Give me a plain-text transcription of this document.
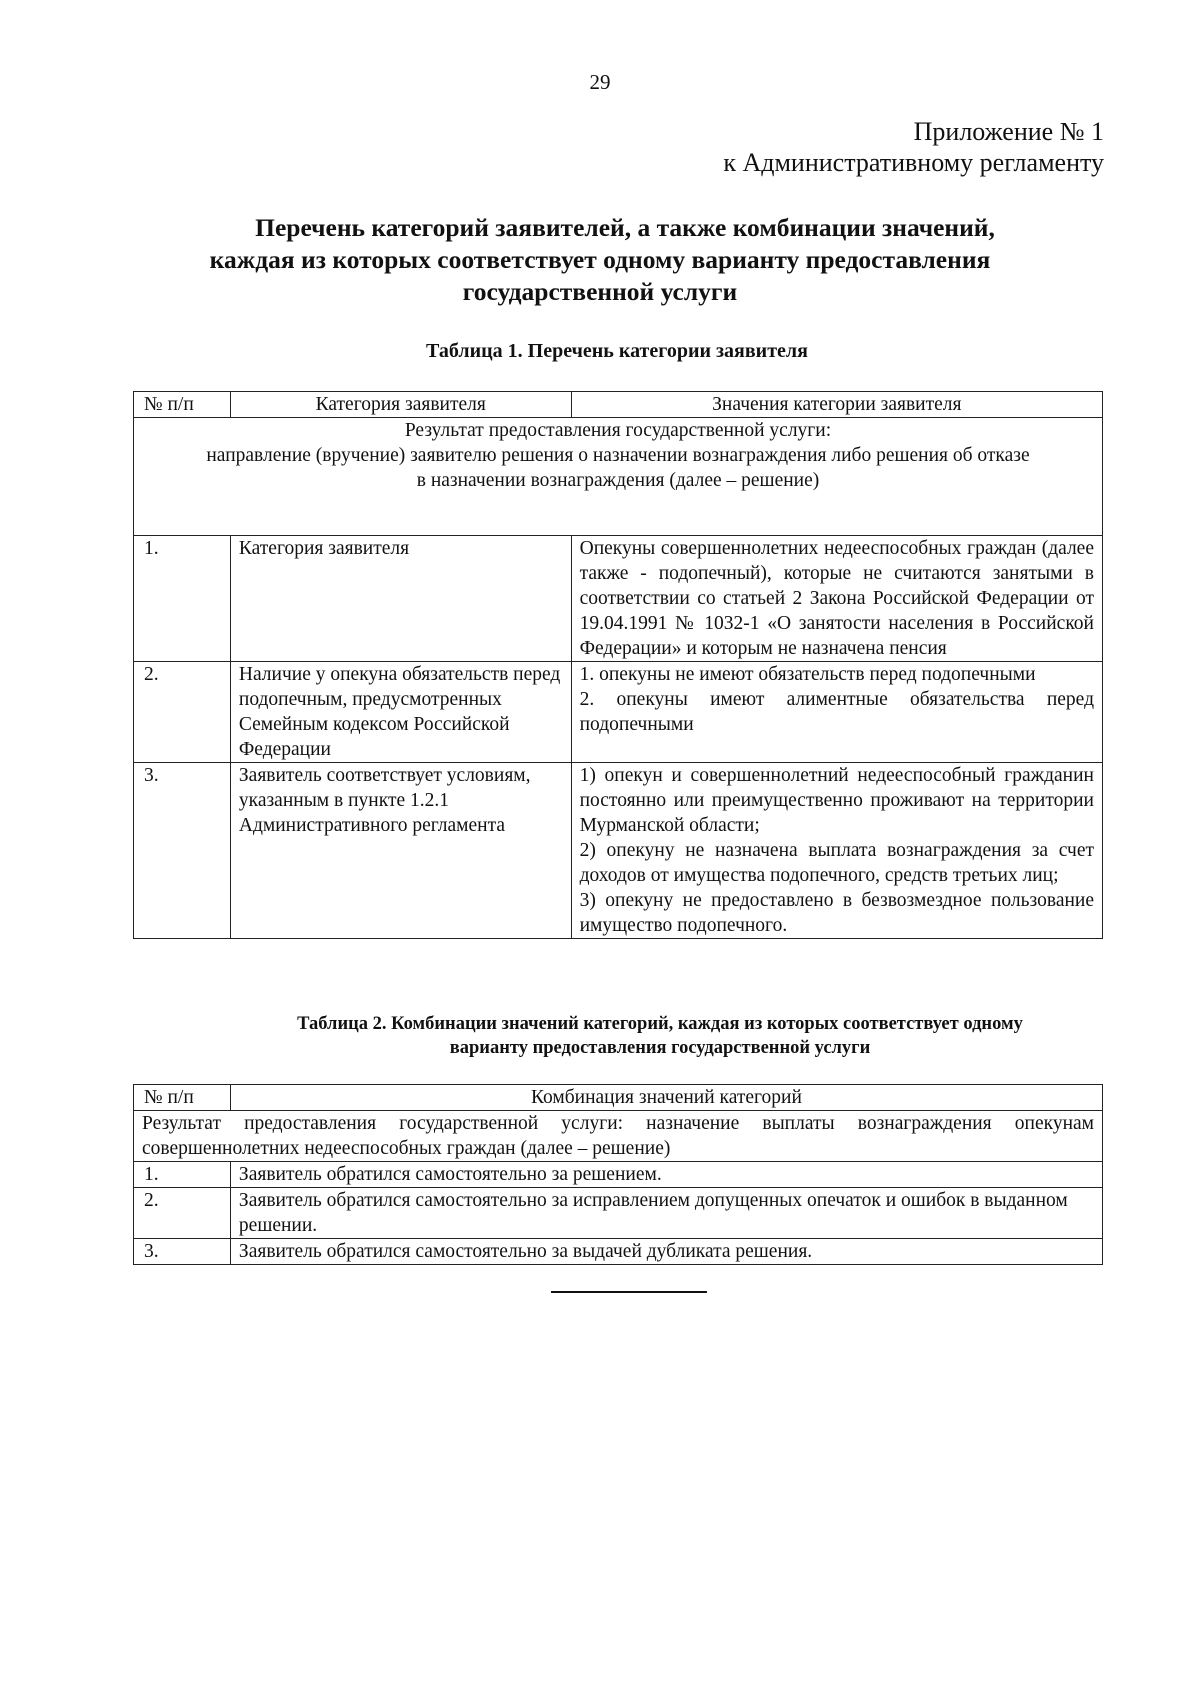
29
Приложение № 1
к Административному регламенту
Перечень категорий заявителей, а также комбинации значений,
каждая из которых соответствует одному варианту предоставления
государственной услуги
Таблица 1. Перечень категории заявителя
№ п/п	Категория заявителя	Значения категории заявителя

Результат предоставления государственной услуги:
направление (вручение) заявителю решения о назначении вознаграждения либо решения об отказе
в назначении вознаграждения (далее – решение)		

1.	Категория заявителя	Опекуны совершеннолетних недееспособных граждан (далее также - подопечный), которые не считаются занятыми в соответствии со статьей 2 Закона Российской Федерации от 19.04.1991 № 1032-1 «О занятости населения в Российской Федерации» и которым не назначена пенсия
2.	Наличие у опекуна обязательств перед подопечным, предусмотренных Семейным кодексом Российской Федерации	1. опекуны не имеют обязательств перед подопечными
2. опекуны имеют алиментные обязательства перед подопечными

3.	Заявитель соответствует условиям, указанным в пункте 1.2.1 Административного регламента	1) опекун и совершеннолетний недееспособный гражданин постоянно или преимущественно проживают на территории Мурманской области;
2) опекуну не назначена выплата вознаграждения за счет доходов от имущества подопечного, средств третьих лиц;
3) опекуну не предоставлено в безвозмездное пользование имущество подопечного.
Таблица 2. Комбинации значений категорий, каждая из которых соответствует одному
варианту предоставления государственной услуги
№ п/п	Комбинация значений категорий
Результат предоставления государственной услуги: назначение выплаты вознаграждения опекунам совершеннолетних недееспособных граждан (далее – решение)	
1.	Заявитель обратился самостоятельно за решением.
2.	Заявитель обратился самостоятельно за исправлением допущенных опечаток и ошибок в выданном решении.
3.	Заявитель обратился самостоятельно за выдачей дубликата решения.
